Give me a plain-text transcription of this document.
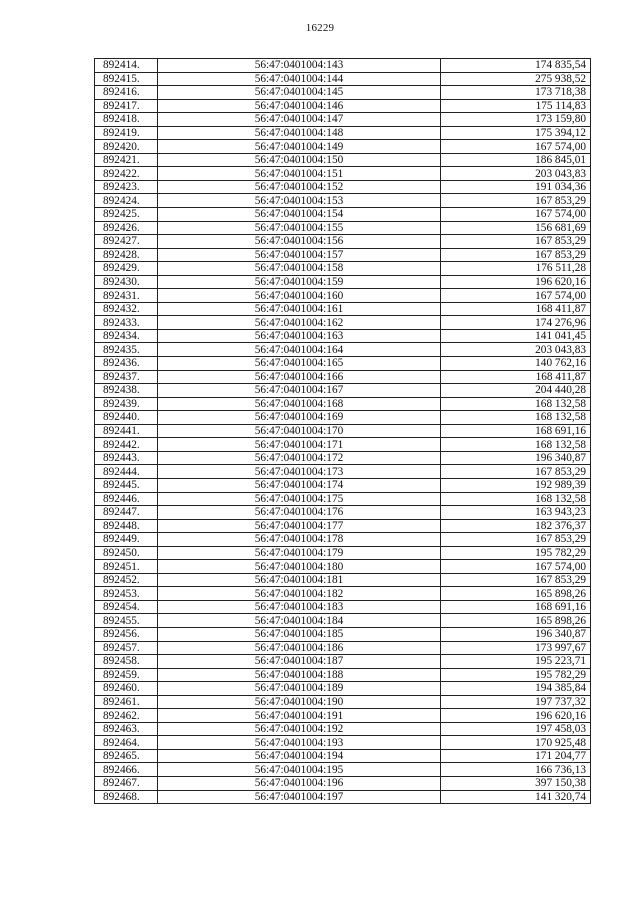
16229
892414.	56:47:0401004:143	174 835,54
892415.	56:47:0401004:144	275 938,52
892416.	56:47:0401004:145	173 718,38
892417.	56:47:0401004:146	175 114,83
892418.	56:47:0401004:147	173 159,80
892419.	56:47:0401004:148	175 394,12
892420.	56:47:0401004:149	167 574,00
892421.	56:47:0401004:150	186 845,01
892422.	56:47:0401004:151	203 043,83
892423.	56:47:0401004:152	191 034,36
892424.	56:47:0401004:153	167 853,29
892425.	56:47:0401004:154	167 574,00
892426.	56:47:0401004:155	156 681,69
892427.	56:47:0401004:156	167 853,29
892428.	56:47:0401004:157	167 853,29
892429.	56:47:0401004:158	176 511,28
892430.	56:47:0401004:159	196 620,16
892431.	56:47:0401004:160	167 574,00
892432.	56:47:0401004:161	168 411,87
892433.	56:47:0401004:162	174 276,96
892434.	56:47:0401004:163	141 041,45
892435.	56:47:0401004:164	203 043,83
892436.	56:47:0401004:165	140 762,16
892437.	56:47:0401004:166	168 411,87
892438.	56:47:0401004:167	204 440,28
892439.	56:47:0401004:168	168 132,58
892440.	56:47:0401004:169	168 132,58
892441.	56:47:0401004:170	168 691,16
892442.	56:47:0401004:171	168 132,58
892443.	56:47:0401004:172	196 340,87
892444.	56:47:0401004:173	167 853,29
892445.	56:47:0401004:174	192 989,39
892446.	56:47:0401004:175	168 132,58
892447.	56:47:0401004:176	163 943,23
892448.	56:47:0401004:177	182 376,37
892449.	56:47:0401004:178	167 853,29
892450.	56:47:0401004:179	195 782,29
892451.	56:47:0401004:180	167 574,00
892452.	56:47:0401004:181	167 853,29
892453.	56:47:0401004:182	165 898,26
892454.	56:47:0401004:183	168 691,16
892455.	56:47:0401004:184	165 898,26
892456.	56:47:0401004:185	196 340,87
892457.	56:47:0401004:186	173 997,67
892458.	56:47:0401004:187	195 223,71
892459.	56:47:0401004:188	195 782,29
892460.	56:47:0401004:189	194 385,84
892461.	56:47:0401004:190	197 737,32
892462.	56:47:0401004:191	196 620,16
892463.	56:47:0401004:192	197 458,03
892464.	56:47:0401004:193	170 925,48
892465.	56:47:0401004:194	171 204,77
892466.	56:47:0401004:195	166 736,13
892467.	56:47:0401004:196	397 150,38
892468.	56:47:0401004:197	141 320,74
